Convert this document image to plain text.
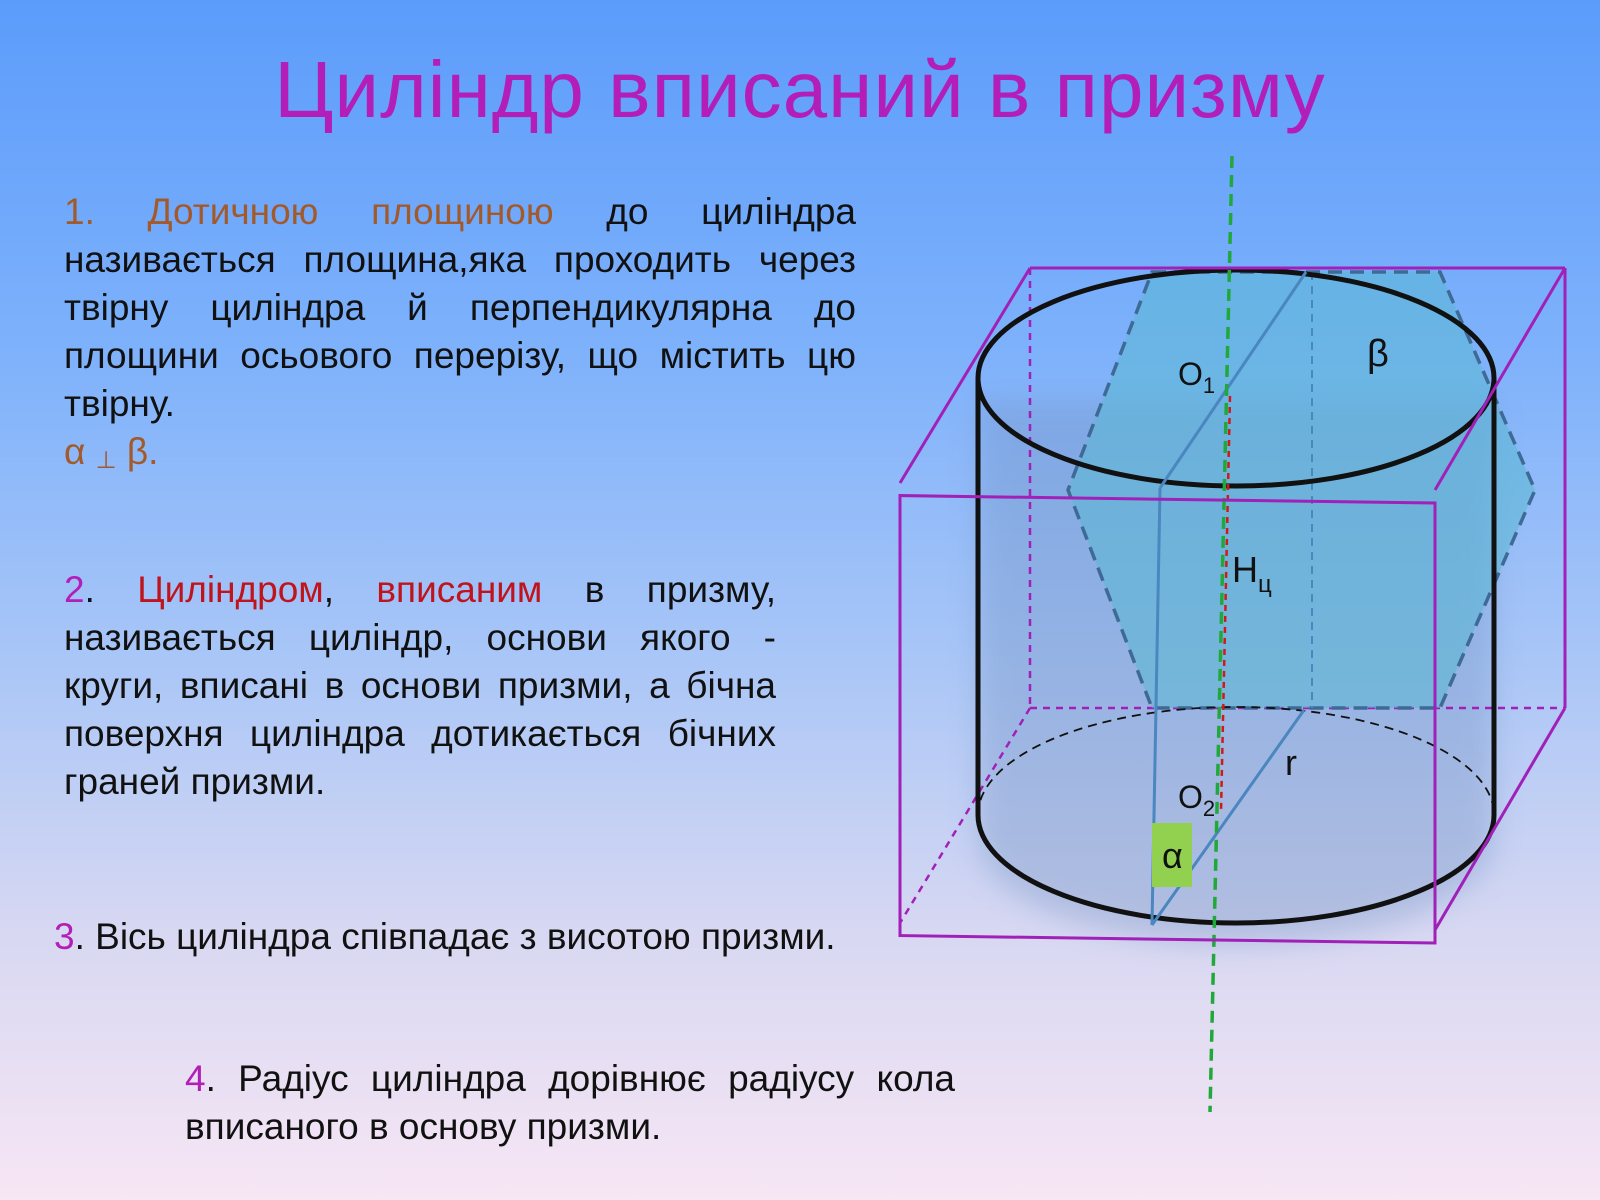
Циліндр вписаний в призму
1. Дотичною площиною до циліндра називається площина,яка проходить через твірну циліндра й перпендикулярна до площини осьового перерізу, що містить цю твірну.
α ⊥ β.
2. Циліндром, вписаним в призму, називається циліндр, основи якого - круги, вписані в основи призми, а бічна поверхня циліндра дотикається бічних граней призми.
3. Вісь циліндра співпадає з висотою призми.
4. Радіус циліндра дорівнює радіусу кола вписаного в основу призми.
$O_1$
β
$H_ц$
r
$O_2$
α
